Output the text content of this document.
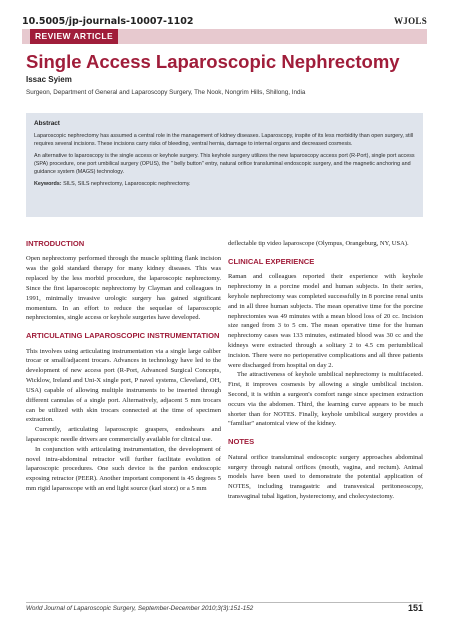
10.5005/jp-journals-10007-1102	WJOLS
REVIEW ARTICLE
Single Access Laparoscopic Nephrectomy
Issac Syiem
Surgeon, Department of General and Laparoscopy Surgery, The Nook, Nongrim Hills, Shillong, India
Abstract

Laparoscopic nephrectomy has assumed a central role in the management of kidney diseases. Laparoscopy, inspite of its less morbidity than open surgery, still requires several incisions. These incisions carry risks of bleeding, ventral hernia, damage to internal organs and decreased cosmesis.

An alternative to laparoscopy is the single access or keyhole surgery. This keyhole surgery utilizes the new laparoscopy access port (R-Port), single port access (SPA) procedure, one port umbilical surgery (OPUS), the " belly button" entry, natural orifice transluminal endoscopic surgery, and the magnetic anchoring and guidance system (MAGS) technology.

Keywords: SILS, SILS nephrectomy, Laparoscopic nephrectomy.

INTRODUCTION

Open nephrectomy performed through the muscle splitting flank incision was the gold standard therapy for many kidney diseases. This was replaced by the less morbid procedure, the laparoscopic nephrectomy. Since the first laparoscopic nephrectomy by Clayman and colleagues in 1991, minimally invasive urologic surgery has gained significant momentum. In an effort to reduce the sequelae of laparoscopic nephrectomies, single access or keyhole surgeries have developed.

ARTICULATING LAPAROSCOPIC INSTRUMENTATION

This involves using articulating instrumentation via a single large caliber trocar or small/adjacent trocars. Advances in technology have led to the development of new access port (R-Port, Advanced Surgical Concepts, Wicklow, Ireland and Uni-X single port, P navel systems, Cleveland, OH, USA) capable of allowing multiple instruments to be inserted through different cannulas of a single port. Alternatively, adjacent 5 mm trocars can be utilized with skin trocars connected at the time of specimen extraction.

Currently, articulating laparoscopic graspers, endoshears and laparoscopic needle drivers are commercially available for clinical use.

In conjunction with articulating instrumentation, the development of novel intra-abdominal retractor will further facilitate evolution of laparoscopic procedures. One such device is the pardon endoscopic exposing retractor (PEER). Another important component is 45 degrees 5 mm rigid laparoscope with an end light source (karl storz) or a 5 mm

deflectable tip video laparoscope (Olympus, Orangeburg, NY, USA).

CLINICAL EXPERIENCE

Raman and colleagues reported their experience with keyhole nephrectomy in a porcine model and human subjects. In their series, keyhole nephrectomy was completed successfully in 8 porcine renal units and in all three human subjects. The mean operative time for the porcine nephrectomies was 49 minutes with a mean blood loss of 20 cc. Incision size ranged from 3 to 5 cm. The mean operative time for the human nephrectomy cases was 133 minutes, estimated blood was 30 cc and the kidneys were extracted through a solitary 2 to 4.5 cm periumbilical incision. There were no perioperative complications and all three patients were discharged from hospital on day 2.

The attractiveness of keyhole umbilical nephrectomy is multifaceted. First, it improves cosmesis by allowing a single umbilical incision. Second, it is within a surgeon's comfort range since specimen extraction occurs via the abdomen. Third, the learning curve appears to be much shorter than for NOTES. Finally, keyhole umbilical surgery provides a "familiar" anatomical view of the kidney.

NOTES

Natural orifice transluminal endoscopic surgery approaches abdominal surgery through natural orifices (mouth, vagina, and rectum). Animal models have been used to demonstrate the potential application of NOTES, including transgastric and transvesical peritoneoscopy, transvaginal tubal ligation, hysterectomy, and cholecystectomy.

World Journal of Laparoscopic Surgery, September-December 2010;3(3):151-152	151
